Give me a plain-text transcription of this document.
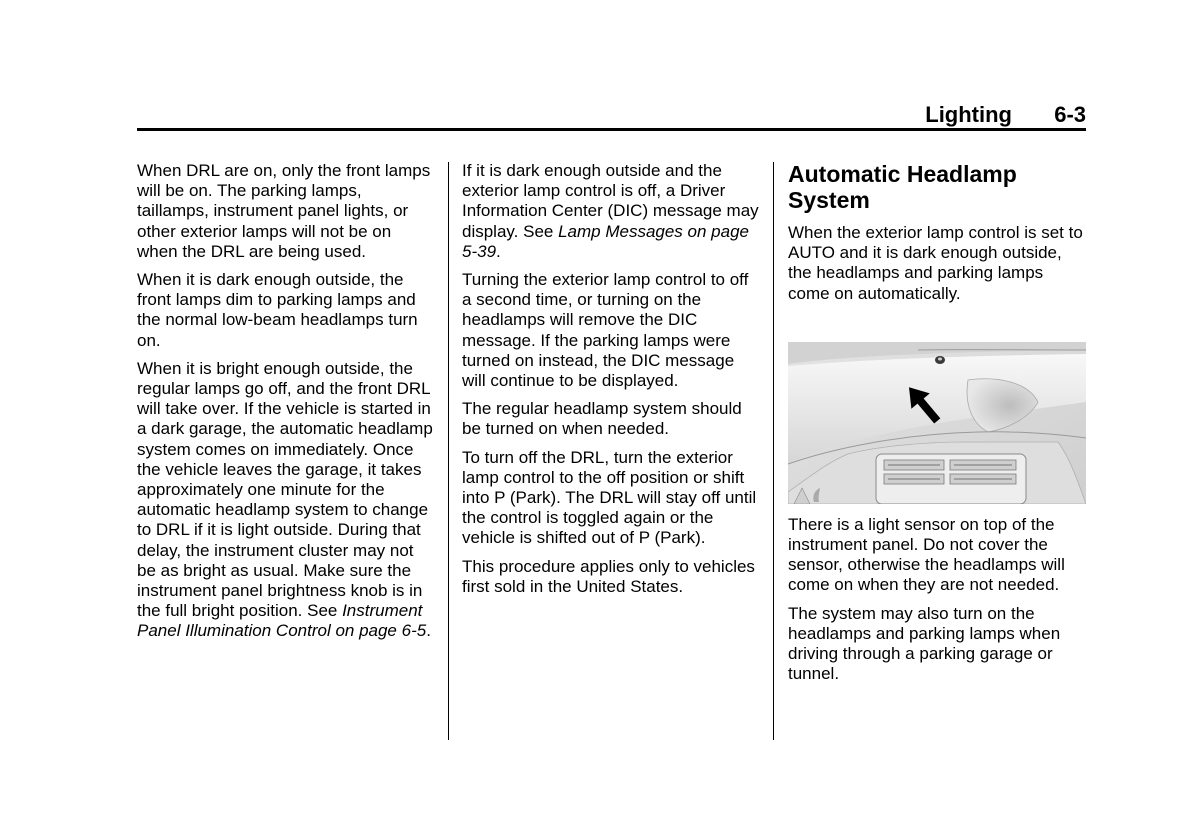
Lighting 6-3

When DRL are on, only the front lamps will be on. The parking lamps, taillamps, instrument panel lights, or other exterior lamps will not be on when the DRL are being used.

When it is dark enough outside, the front lamps dim to parking lamps and the normal low-beam headlamps turn on.

When it is bright enough outside, the regular lamps go off, and the front DRL will take over. If the vehicle is started in a dark garage, the automatic headlamp system comes on immediately. Once the vehicle leaves the garage, it takes approximately one minute for the automatic headlamp system to change to DRL if it is light outside. During that delay, the instrument cluster may not be as bright as usual. Make sure the instrument panel brightness knob is in the full bright position. See Instrument Panel Illumination Control on page 6-5.

If it is dark enough outside and the exterior lamp control is off, a Driver Information Center (DIC) message may display. See Lamp Messages on page 5-39.

Turning the exterior lamp control to off a second time, or turning on the headlamps will remove the DIC message. If the parking lamps were turned on instead, the DIC message will continue to be displayed.

The regular headlamp system should be turned on when needed.

To turn off the DRL, turn the exterior lamp control to the off position or shift into P (Park). The DRL will stay off until the control is toggled again or the vehicle is shifted out of P (Park).

This procedure applies only to vehicles first sold in the United States.

Automatic Headlamp System

When the exterior lamp control is set to AUTO and it is dark enough outside, the headlamps and parking lamps come on automatically.

There is a light sensor on top of the instrument panel. Do not cover the sensor, otherwise the headlamps will come on when they are not needed.

The system may also turn on the headlamps and parking lamps when driving through a parking garage or tunnel.
